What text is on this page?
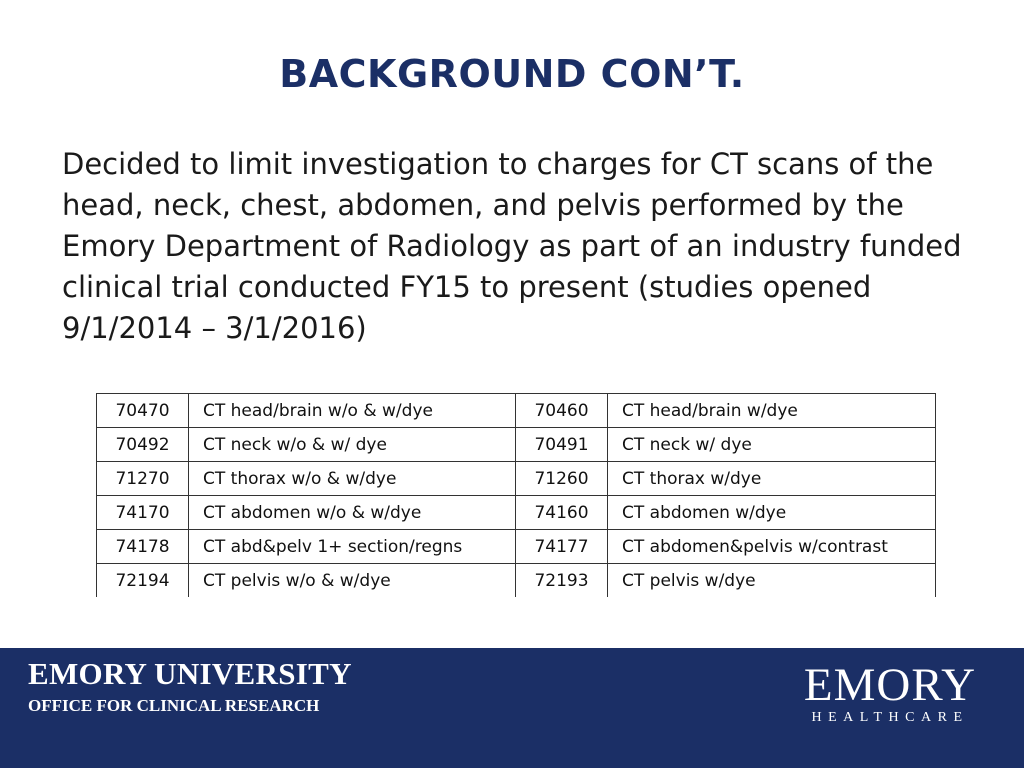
BACKGROUND CON’T.
Decided to limit investigation to charges for CT scans of the head, neck, chest, abdomen, and pelvis performed by the Emory Department of Radiology as part of an industry funded clinical trial conducted FY15 to present (studies opened 9/1/2014 – 3/1/2016)
70470	CT head/brain w/o & w/dye	70460	CT head/brain w/dye
70492	CT neck w/o & w/ dye	70491	CT neck w/ dye
71270	CT thorax w/o & w/dye	71260	CT thorax w/dye
74170	CT abdomen w/o & w/dye	74160	CT abdomen w/dye
74178	CT abd&pelv 1+ section/regns	74177	CT abdomen&pelvis w/contrast
72194	CT pelvis w/o & w/dye	72193	CT pelvis w/dye
EMORY UNIVERSITY
OFFICE FOR CLINICAL RESEARCH	EMORY
HEALTHCARE
